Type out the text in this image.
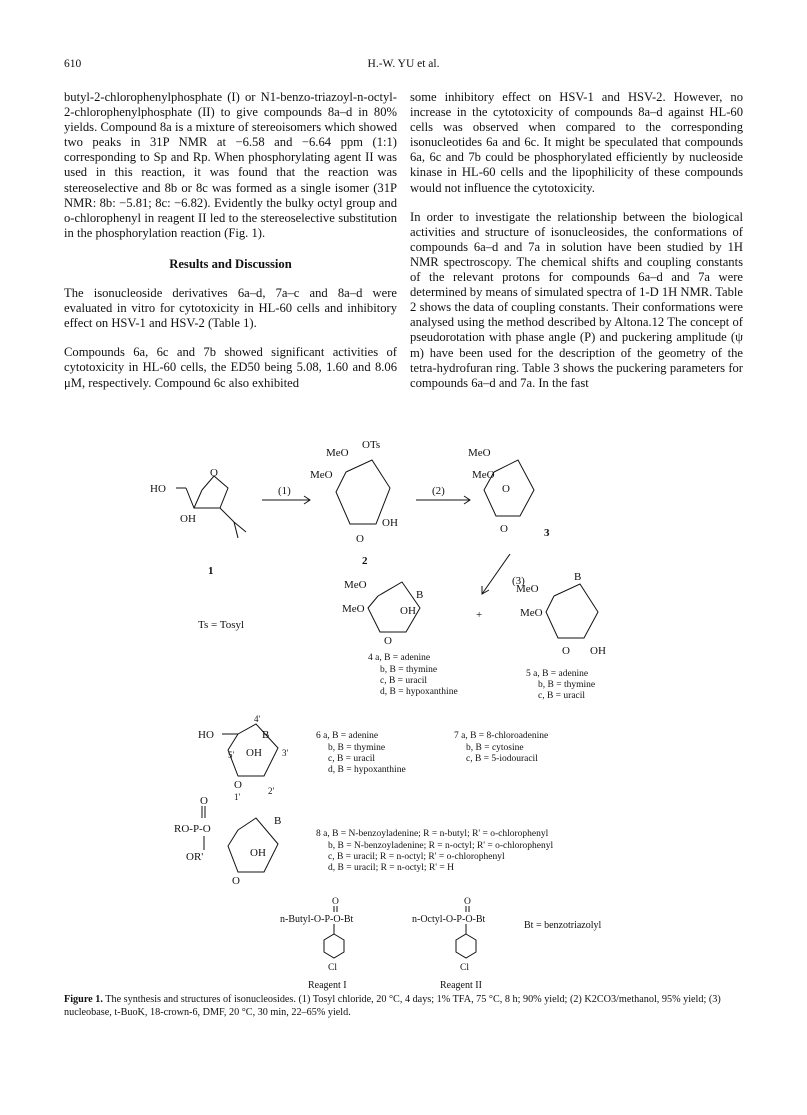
610	H.-W. YU et al.

butyl-2-chlorophenylphosphate (I) or N1-benzo-triazoyl-n-octyl-2-chlorophenylphosphate (II) to give compounds 8a–d in 80% yields. Compound 8a is a mixture of stereoisomers which showed two peaks in 31P NMR at −6.58 and −6.64 ppm (1:1) corresponding to Sp and Rp. When phosphorylating agent II was used in this reaction, it was found that the reaction was stereoselective and 8b or 8c was formed as a single isomer (31P NMR: 8b: −5.81; 8c: −6.82). Evidently the bulky octyl group and o-chlorophenyl in reagent II led to the stereoselective substitution in the phosphorylation reaction (Fig. 1).

Results and Discussion

The isonucleoside derivatives 6a–d, 7a–c and 8a–d were evaluated in vitro for cytotoxicity in HL-60 cells and inhibitory effect on HSV-1 and HSV-2 (Table 1).

Compounds 6a, 6c and 7b showed significant activities of cytotoxicity in HL-60 cells, the ED50 being 5.08, 1.60 and 8.06 μM, respectively. Compound 6c also exhibited

some inhibitory effect on HSV-1 and HSV-2. However, no increase in the cytotoxicity of compounds 8a–d against HL-60 cells was observed when compared to the corresponding isonucleotides 6a and 6c. It might be speculated that compounds 6a, 6c and 7b could be phosphorylated efficiently by nucleoside kinase in HL-60 cells and the lipophilicity of these compounds would not influence the cytotoxicity.

In order to investigate the relationship between the biological activities and structure of isonucleosides, the conformations of compounds 6a–d and 7a in solution have been studied by 1H NMR spectroscopy. The chemical shifts and coupling constants of the relevant protons for compounds 6a–d and 7a were determined by means of simulated spectra of 1-D 1H NMR. Table 2 shows the data of coupling constants. Their conformations were analysed using the method described by Altona.12 The concept of pseudorotation with phase angle (P) and puckering amplitude (ψ m) have been used for the description of the geometry of the tetra-hydrofuran ring. Table 3 shows the puckering parameters for compounds 6a–d and 7a. In the fast

HO
O
OH
1
(1)
MeO
MeO
OTs
OH
O
2
(2)
MeO
MeO
O
O	3
(3)
MeO
MeO
B
OH
O
Ts = Tosyl
+
4 a, B = adenine
b, B = thymine
c, B = uracil
d, B = hypoxanthine
MeO
MeO
B
OH
O
5 a, B = adenine
b, B = thymine
c, B = uracil
HO	B
OH
O
4'
5'	3'
1'
2'
6 a, B = adenine
b, B = thymine
c, B = uracil
d, B = hypoxanthine
7 a, B = 8-chloroadenine
b, B = cytosine
c, B = 5-iodouracil
O
RO-P-O
OR'
B
OH
O
8 a, B = N-benzoyladenine; R = n-butyl; R' = o-chlorophenyl
b, B = N-benzoyladenine; R = n-octyl; R' = o-chlorophenyl
c, B = uracil; R = n-octyl; R' = o-chlorophenyl
d, B = uracil; R = n-octyl; R' = H
O
n-Butyl-O-P-O-Bt
Cl
O
n-Octyl-O-P-O-Bt
Cl
Bt = benzotriazolyl
Reagent I	Reagent II
Figure 1. The synthesis and structures of isonucleosides. (1) Tosyl chloride, 20 °C, 4 days; 1% TFA, 75 °C, 8 h; 90% yield; (2) K2CO3/methanol, 95% yield; (3) nucleobase, t-BuoK, 18-crown-6, DMF, 20 °C, 30 min, 22–65% yield.
